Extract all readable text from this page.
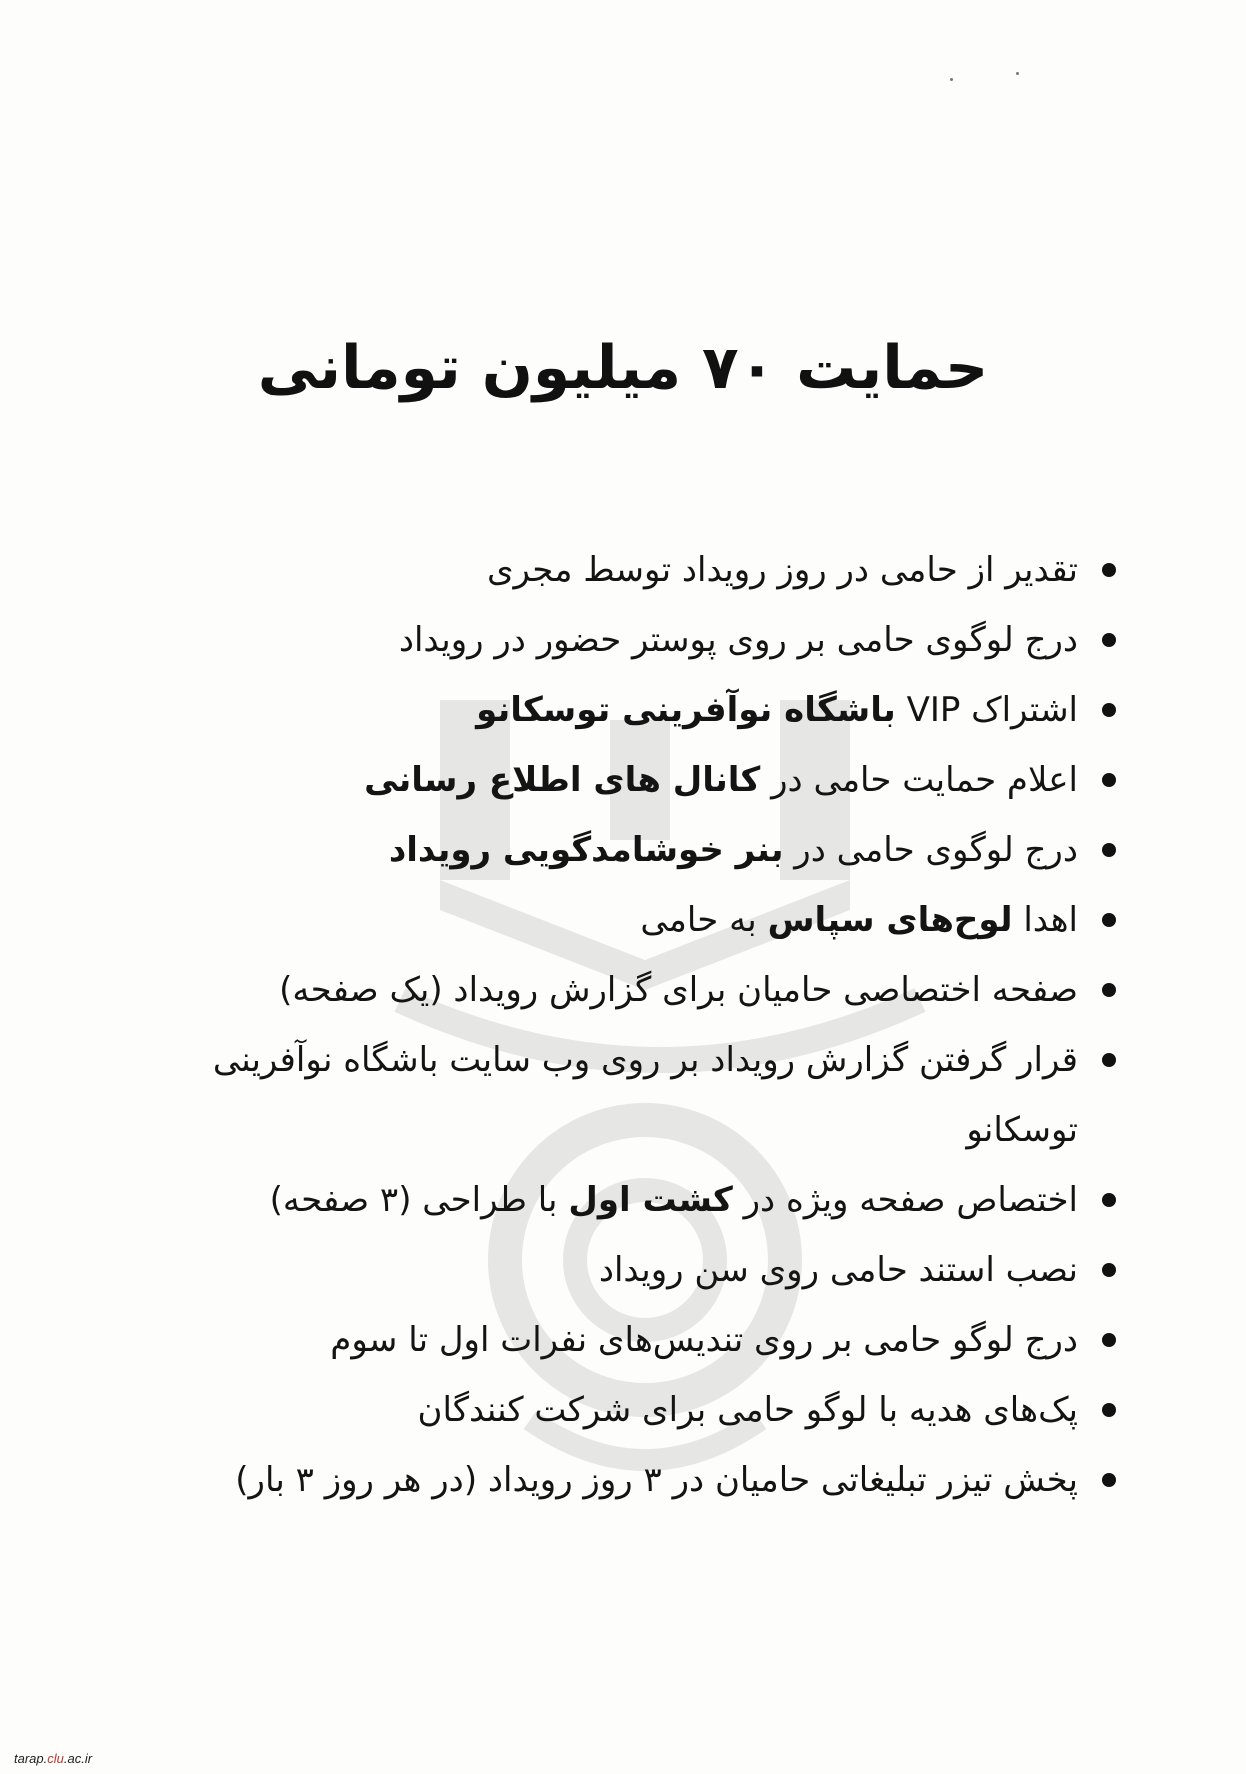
حمایت ۷۰ میلیون تومانی
تقدیر از حامی در روز رویداد توسط مجری
درج لوگوی حامی بر روی پوستر حضور در رویداد
اشتراک VIP باشگاه نوآفرینی توسکانو
اعلام حمایت حامی در کانال های اطلاع رسانی
درج لوگوی حامی در بنر خوشامدگویی رویداد
اهدا لوح‌های سپاس به حامی
صفحه اختصاصی حامیان برای گزارش رویداد (یک صفحه)
قرار گرفتن گزارش رویداد بر روی وب سایت باشگاه نوآفرینی توسکانو
اختصاص صفحه ویژه در کشت اول با طراحی (۳ صفحه)
نصب استند حامی روی سن رویداد
درج لوگو حامی بر روی تندیس‌های نفرات اول تا سوم
پک‌های هدیه با لوگو حامی برای شرکت کنندگان
پخش تیزر تبلیغاتی حامیان در ۳ روز رویداد (در هر روز ۳ بار)
tarap.clu.ac.ir
